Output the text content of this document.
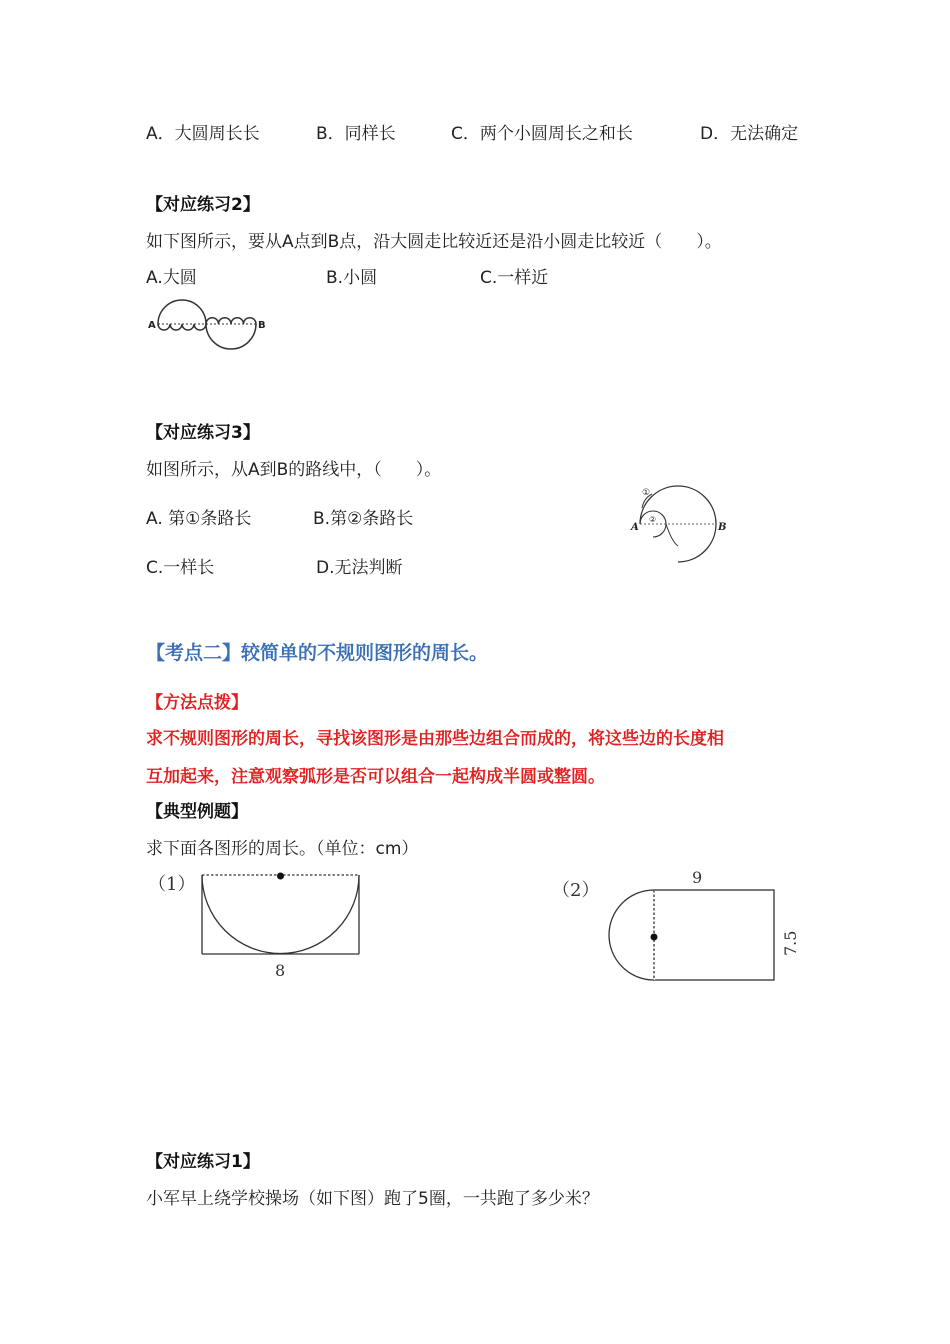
A．大圆周长长	B．同样长	C．两个小圆周长之和长	D．无法确定
【对应练习2】
如下图所示，要从A点到B点，沿大圆走比较近还是沿小圆走比较近（　　）。
A.大圆	B.小圆	C.一样近
A	B
【对应练习3】
如图所示，从A到B的路线中，（　　）。
A. 第①条路长	B.第②条路长
C.一样长	D.无法判断
①
②
A	B
【考点二】较简单的不规则图形的周长。
【方法点拨】
求不规则图形的周长，寻找该图形是由那些边组合而成的，将这些边的长度相
互加起来，注意观察弧形是否可以组合一起构成半圆或整圆。
【典型例题】
求下面各图形的周长。（单位：cm）
（1）
8
（2）
9
7.5
【对应练习1】
小军早上绕学校操场（如下图）跑了5圈，一共跑了多少米？
